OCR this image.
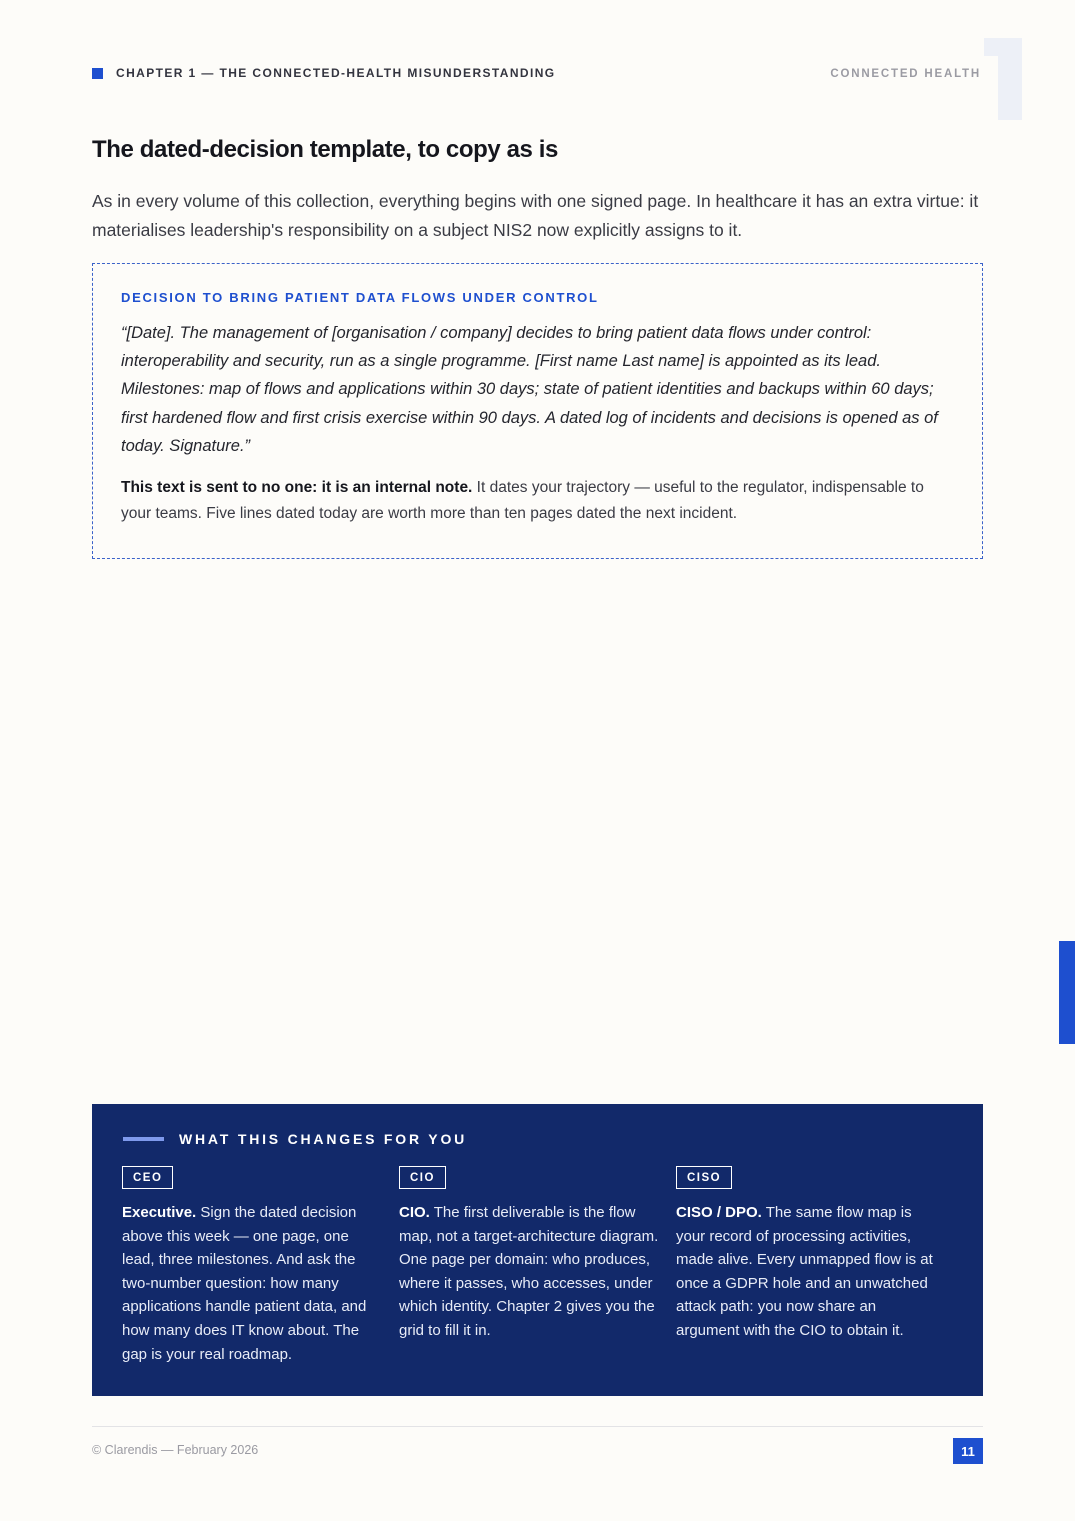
CHAPTER 1 — THE CONNECTED-HEALTH MISUNDERSTANDING	CONNECTED HEALTH
The dated-decision template, to copy as is

As in every volume of this collection, everything begins with one signed page. In healthcare it has an extra virtue: it materialises leadership's responsibility on a subject NIS2 now explicitly assigns to it.

DECISION TO BRING PATIENT DATA FLOWS UNDER CONTROL

“[Date]. The management of [organisation / company] decides to bring patient data flows under control: interoperability and security, run as a single programme. [First name Last name] is appointed as its lead. Milestones: map of flows and applications within 30 days; state of patient identities and backups within 60 days; first hardened flow and first crisis exercise within 90 days. A dated log of incidents and decisions is opened as of today. Signature.”

This text is sent to no one: it is an internal note. It dates your trajectory — useful to the regulator, indispensable to your teams. Five lines dated today are worth more than ten pages dated the next incident.

WHAT THIS CHANGES FOR YOU
CEO

Executive. Sign the dated decision above this week — one page, one lead, three milestones. And ask the two-number question: how many applications handle patient data, and how many does IT know about. The gap is your real roadmap.

CIO

CIO. The first deliverable is the flow map, not a target-architecture diagram. One page per domain: who produces, where it passes, who accesses, under which identity. Chapter 2 gives you the grid to fill it in.

CISO

CISO / DPO. The same flow map is your record of processing activities, made alive. Every unmapped flow is at once a GDPR hole and an unwatched attack path: you now share an argument with the CIO to obtain it.

© Clarendis — February 2026	11
